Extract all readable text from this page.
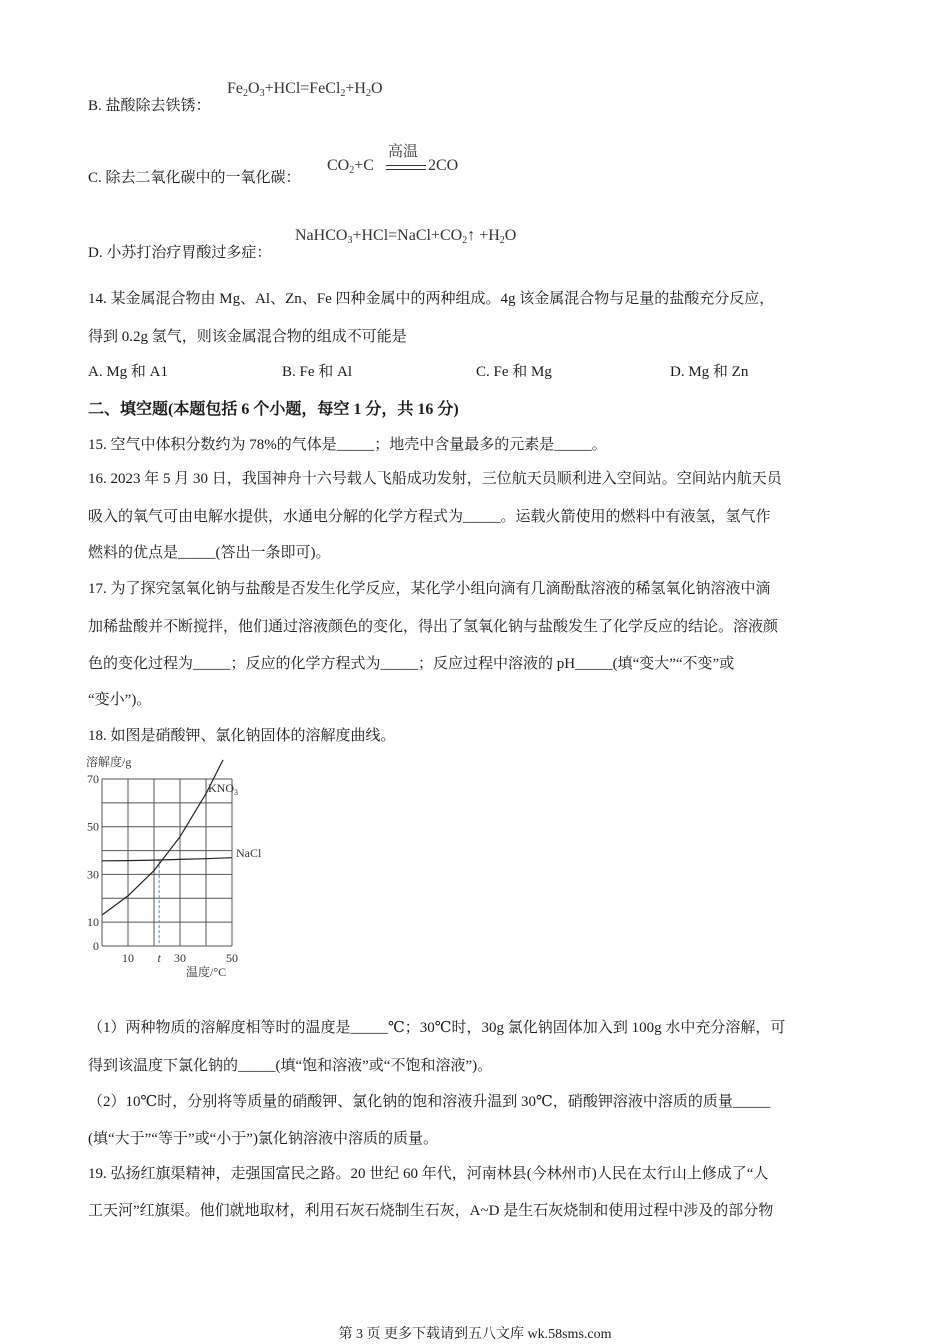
B. 盐酸除去铁锈：
$Fe_2O_3+HCl=FeCl_2+H_2O$
C. 除去二氧化碳中的一氧化碳：
$CO_2+C$
高温
2CO
D. 小苏打治疗胃酸过多症：
$NaHCO_3+HCl=NaCl+CO_2↑ +H_2O$
14. 某金属混合物由 Mg、Al、Zn、Fe 四种金属中的两种组成。4g 该金属混合物与足量的盐酸充分反应，
得到 0.2g 氢气，则该金属混合物的组成不可能是
A. Mg 和 A1	B. Fe 和 Al	C. Fe 和 Mg	D. Mg 和 Zn
二、填空题(本题包括 6 个小题，每空 1 分，共 16 分)
15. 空气中体积分数约为 78%的气体是_____；地壳中含量最多的元素是_____。
16. 2023 年 5 月 30 日，我国神舟十六号载人飞船成功发射，三位航天员顺利进入空间站。空间站内航天员
吸入的氧气可由电解水提供，水通电分解的化学方程式为_____。运载火箭使用的燃料中有液氢，氢气作
燃料的优点是_____(答出一条即可)。
17. 为了探究氢氧化钠与盐酸是否发生化学反应，某化学小组向滴有几滴酚酞溶液的稀氢氧化钠溶液中滴
加稀盐酸并不断搅拌，他们通过溶液颜色的变化，得出了氢氧化钠与盐酸发生了化学反应的结论。溶液颜
色的变化过程为_____；反应的化学方程式为_____；反应过程中溶液的 pH_____(填“变大”“不变”或
“变小”)。
18. 如图是硝酸钾、氯化钠固体的溶解度曲线。
溶解度/g
0
10
30
50
70
10 t 30	50
$KNO_3$
NaCl
温度/°C
（1）两种物质的溶解度相等时的温度是_____℃；30℃时，30g 氯化钠固体加入到 100g 水中充分溶解，可
得到该温度下氯化钠的_____(填“饱和溶液”或“不饱和溶液”)。
（2）10℃时，分别将等质量的硝酸钾、氯化钠的饱和溶液升温到 30℃，硝酸钾溶液中溶质的质量_____
(填“大于”“等于”或“小于”)氯化钠溶液中溶质的质量。
19. 弘扬红旗渠精神，走强国富民之路。20 世纪 60 年代，河南林县(今林州市)人民在太行山上修成了“人
工天河”红旗渠。他们就地取材，利用石灰石烧制生石灰，A~D 是生石灰烧制和使用过程中涉及的部分物
第 3 页 更多下载请到五八文库 wk.58sms.com
